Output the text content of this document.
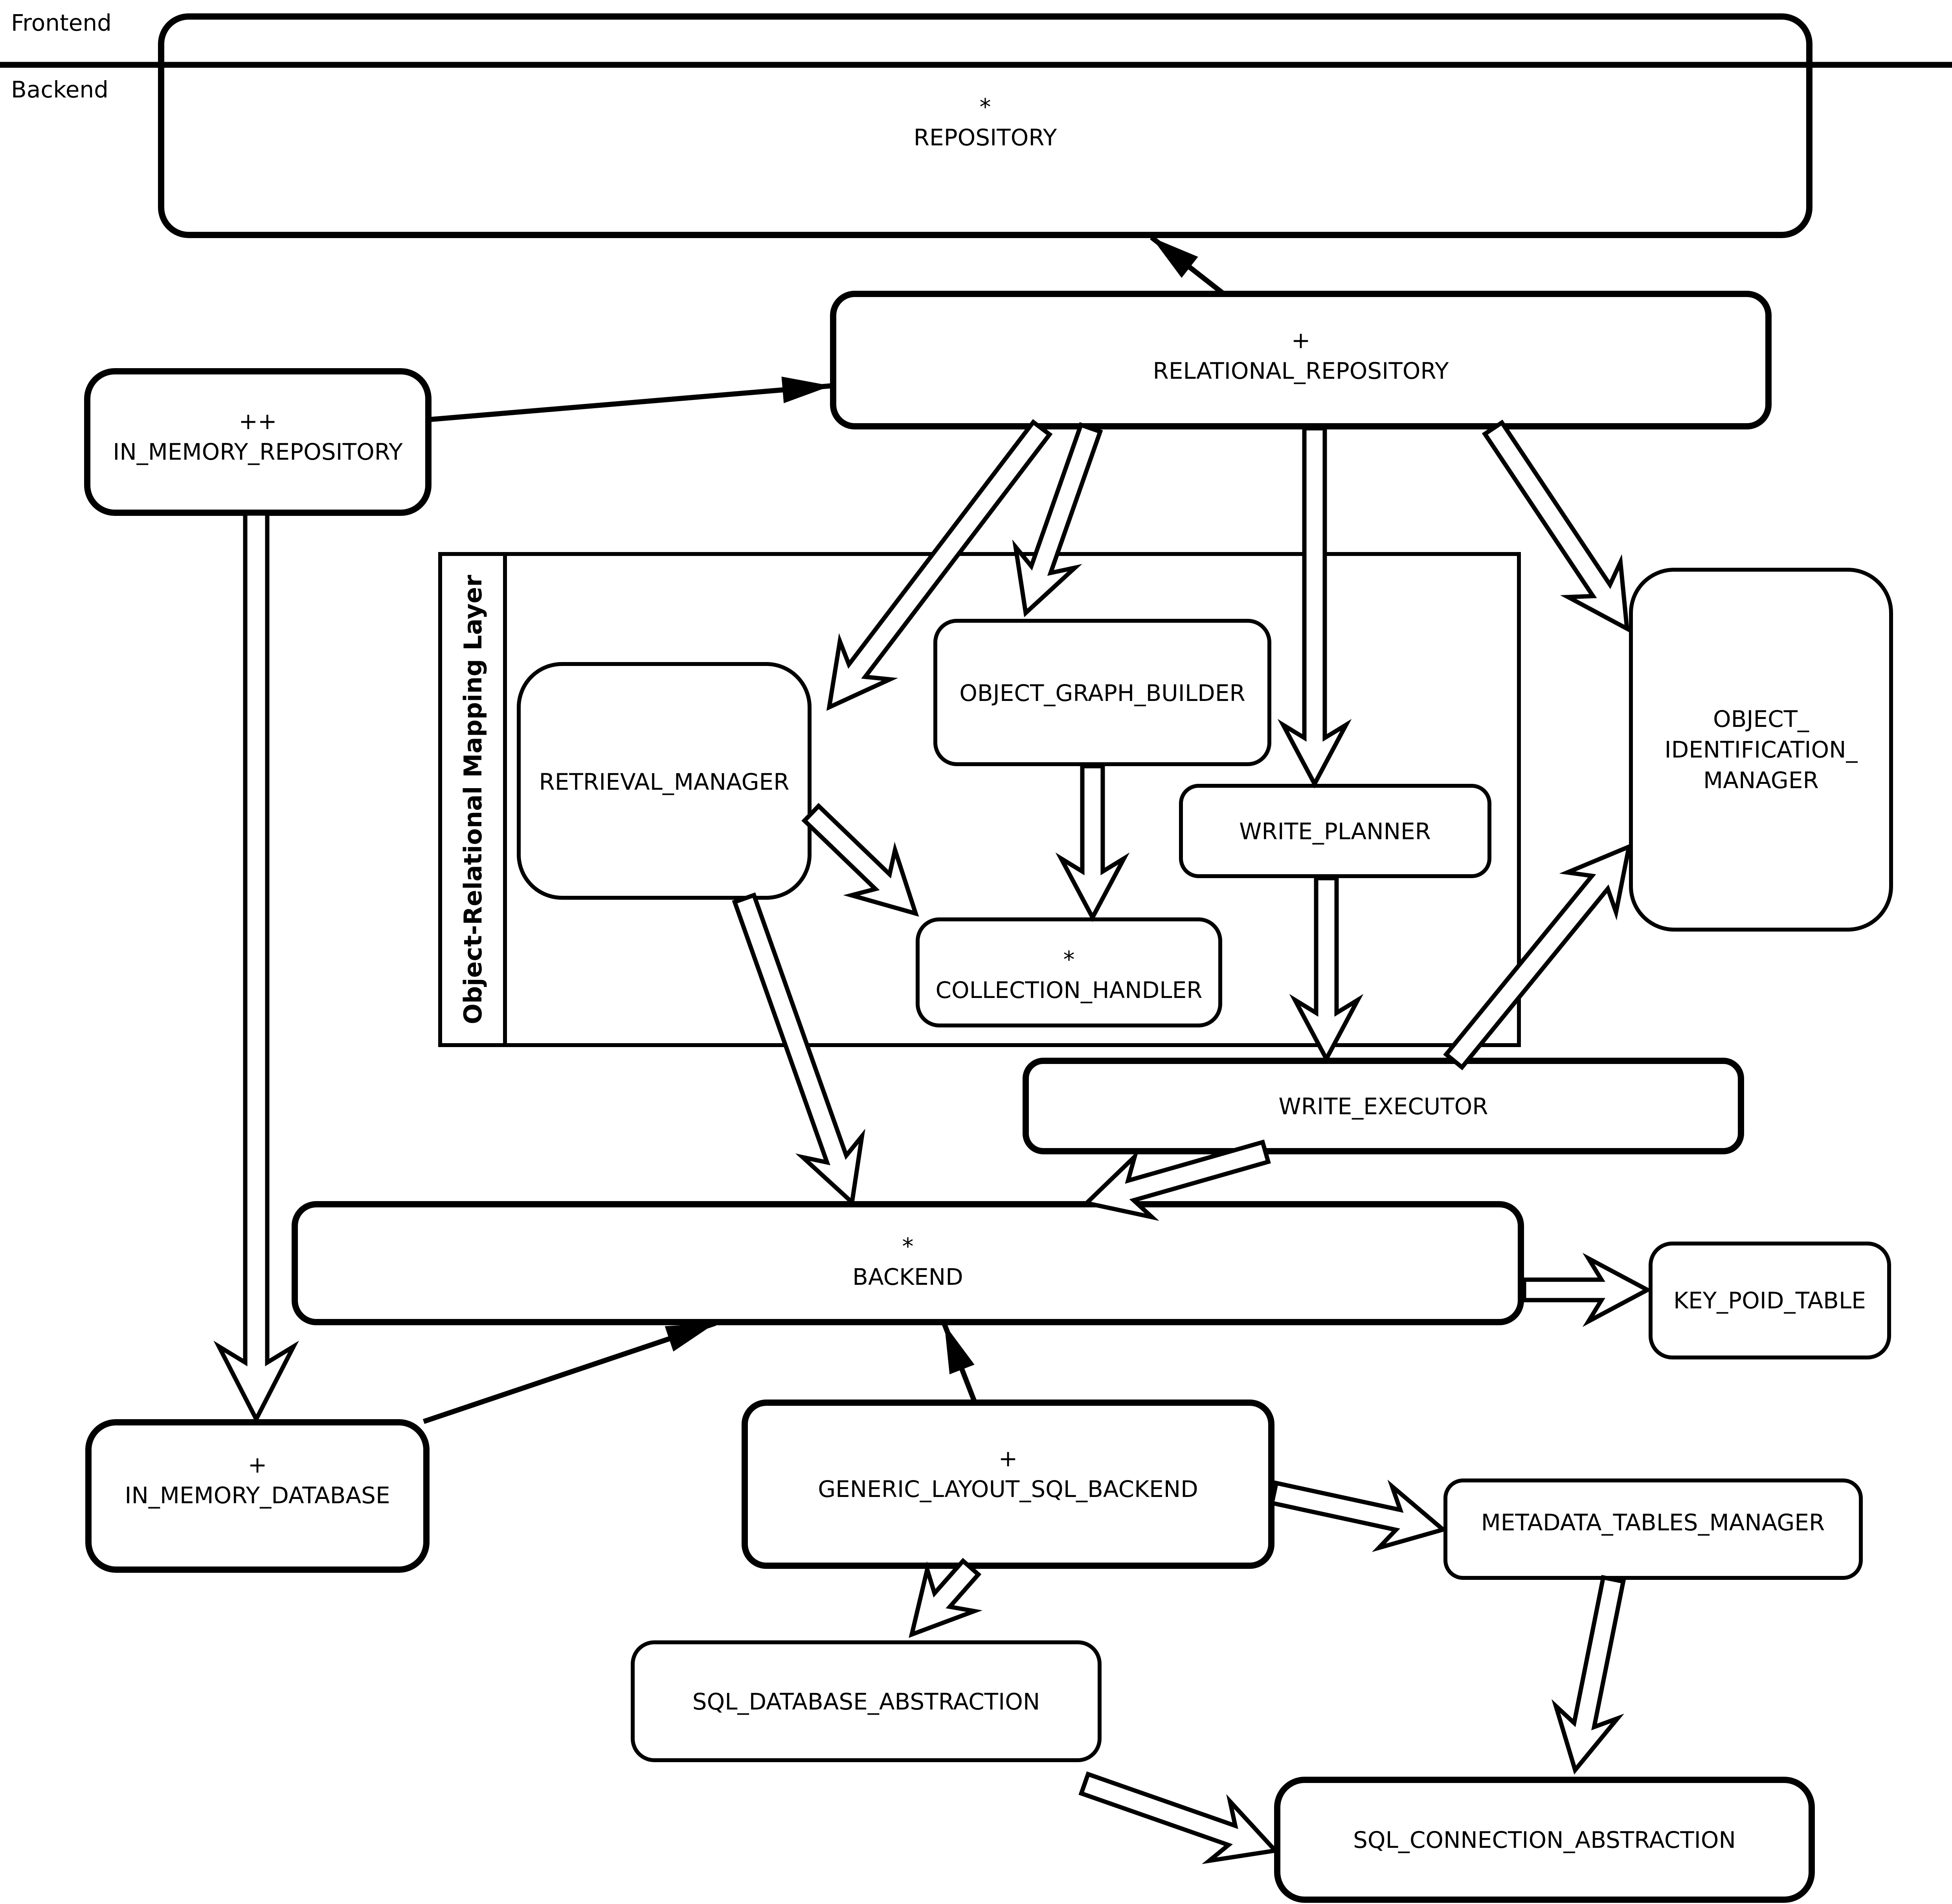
Frontend
Backend
*
REPOSITORY
+
RELATIONAL_REPOSITORY
++
IN_MEMORY_REPOSITORY
Object-Relational Mapping Layer RETRIEVAL_MANAGER
OBJECT_GRAPH_BUILDER
WRITE_PLANNER
*
COLLECTION_HANDLER
OBJECT_
IDENTIFICATION_
MANAGER
WRITE_EXECUTOR
*
BACKEND
KEY_POID_TABLE
+
IN_MEMORY_DATABASE
+
GENERIC_LAYOUT_SQL_BACKEND
METADATA_TABLES_MANAGER
SQL_DATABASE_ABSTRACTION
SQL_CONNECTION_ABSTRACTION
